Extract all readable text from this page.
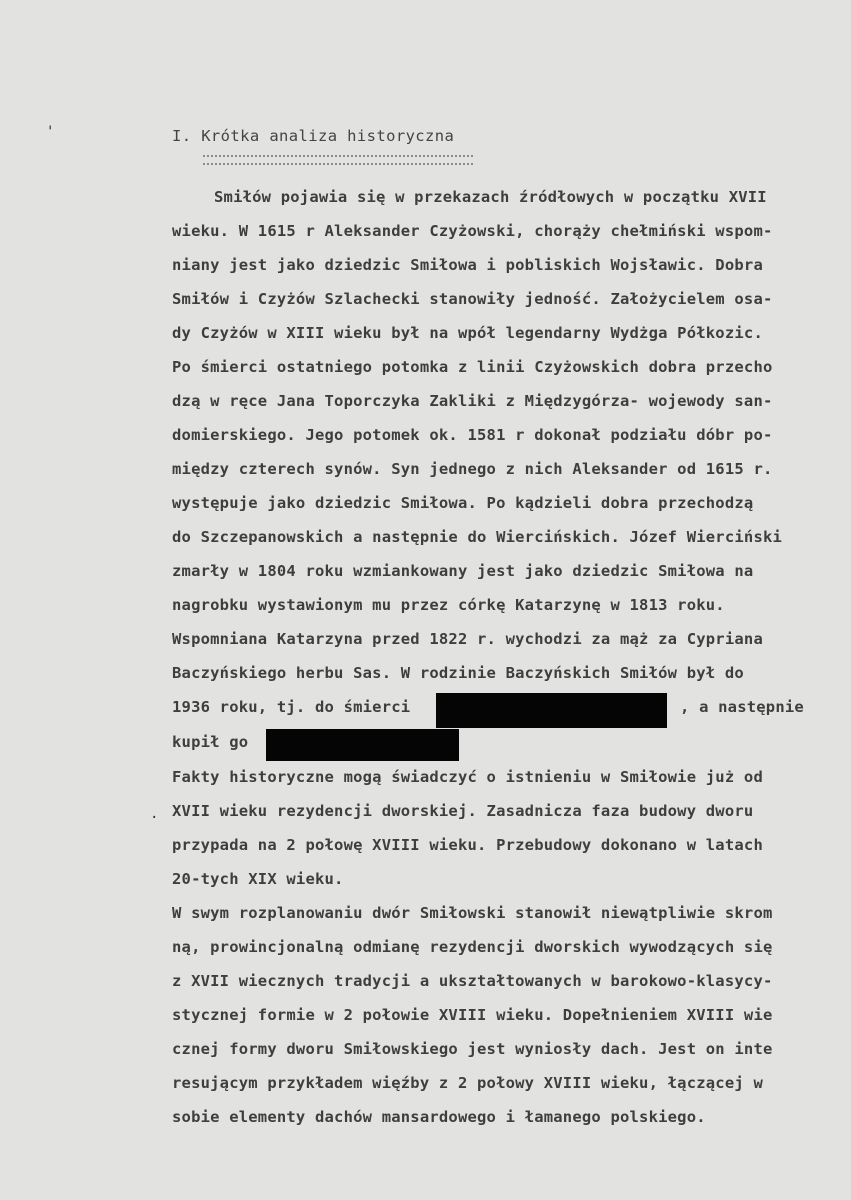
'	I. Krótka analiza historyczna
Smiłów pojawia się w przekazach źródłowych w początku XVII
wieku. W 1615 r Aleksander Czyżowski, chorąży chełmiński wspom-
niany jest jako dziedzic Smiłowa i pobliskich Wojsławic. Dobra
Smiłów i Czyżów Szlachecki stanowiły jedność. Założycielem osa-
dy Czyżów w XIII wieku był na wpół legendarny Wydżga Półkozic.
Po śmierci ostatniego potomka z linii Czyżowskich dobra przecho
dzą w ręce Jana Toporczyka Zakliki z Międzygórza- wojewody san-
domierskiego. Jego potomek ok. 1581 r dokonał podziału dóbr po-
między czterech synów. Syn jednego z nich Aleksander od 1615 r.
występuje jako dziedzic Smiłowa. Po kądzieli dobra przechodzą
do Szczepanowskich a następnie do Wiercińskich. Józef Wierciński
zmarły w 1804 roku wzmiankowany jest jako dziedzic Smiłowa na
nagrobku wystawionym mu przez córkę Katarzynę w 1813 roku.
Wspomniana Katarzyna przed 1822 r. wychodzi za mąż za Cypriana
Baczyńskiego herbu Sas. W rodzinie Baczyńskich Smiłów był do
1936 roku, tj. do śmierci	, a następnie
kupił go
Fakty historyczne mogą świadczyć o istnieniu w Smiłowie już od
. XVII wieku rezydencji dworskiej. Zasadnicza faza budowy dworu
przypada na 2 połowę XVIII wieku. Przebudowy dokonano w latach
20-tych XIX wieku.
W swym rozplanowaniu dwór Smiłowski stanowił niewątpliwie skrom
ną, prowincjonalną odmianę rezydencji dworskich wywodzących się
z XVII wiecznych tradycji a ukształtowanych w barokowo-klasycy-
stycznej formie w 2 połowie XVIII wieku. Dopełnieniem XVIII wie
cznej formy dworu Smiłowskiego jest wyniosły dach. Jest on inte
resującym przykładem więźby z 2 połowy XVIII wieku, łączącej w
sobie elementy dachów mansardowego i łamanego polskiego.
